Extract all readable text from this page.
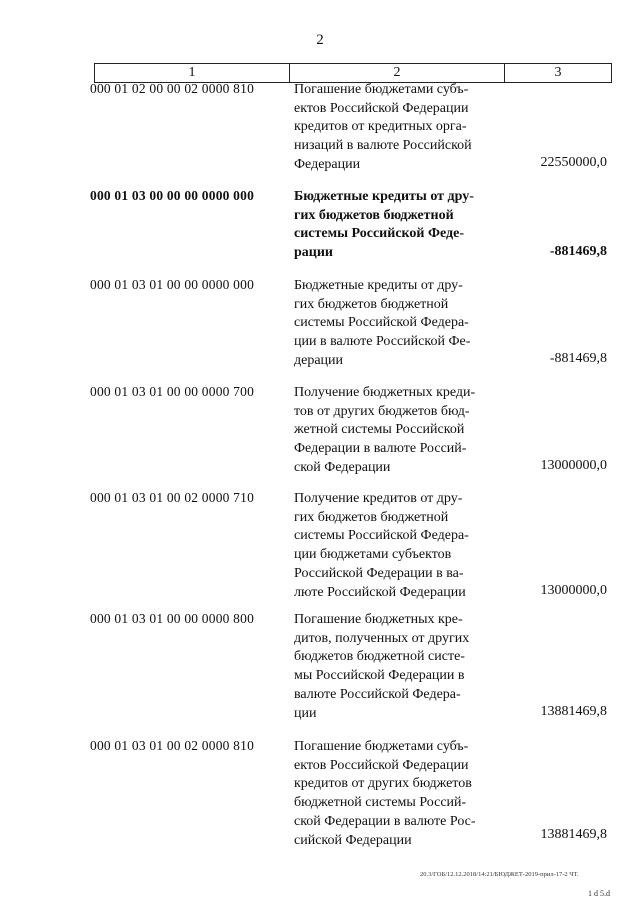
2
1	2	3
000 01 02 00 00 02 0000 810	Погашение бюджетами субъ-
ектов Российской Федерации
кредитов от кредитных орга-
низаций в валюте Российской
Федерации	22550000,0
000 01 03 00 00 00 0000 000	Бюджетные кредиты от дру-
гих бюджетов бюджетной
системы Российской Феде-
рации	-881469,8
000 01 03 01 00 00 0000 000	Бюджетные кредиты от дру-
гих бюджетов бюджетной
системы Российской Федера-
ции в валюте Российской Фе-
дерации	-881469,8
000 01 03 01 00 00 0000 700	Получение бюджетных креди-
тов от других бюджетов бюд-
жетной системы Российской
Федерации в валюте Россий-
ской Федерации	13000000,0
000 01 03 01 00 02 0000 710	Получение кредитов от дру-
гих бюджетов бюджетной
системы Российской Федера-
ции бюджетами субъектов
Российской Федерации в ва-
люте Российской Федерации	13000000,0
000 01 03 01 00 00 0000 800	Погашение бюджетных кре-
дитов, полученных от других
бюджетов бюджетной систе-
мы Российской Федерации в
валюте Российской Федера-
ции	13881469,8
000 01 03 01 00 02 0000 810	Погашение бюджетами субъ-
ектов Российской Федерации
кредитов от других бюджетов
бюджетной системы Россий-
ской Федерации в валюте Рос-
сийской Федерации	13881469,8
20.3/ГОБ/12.12.2018/14:21/БЮДЖЕТ-2019-прил-17-2 ЧТ.
1 d 5.d
